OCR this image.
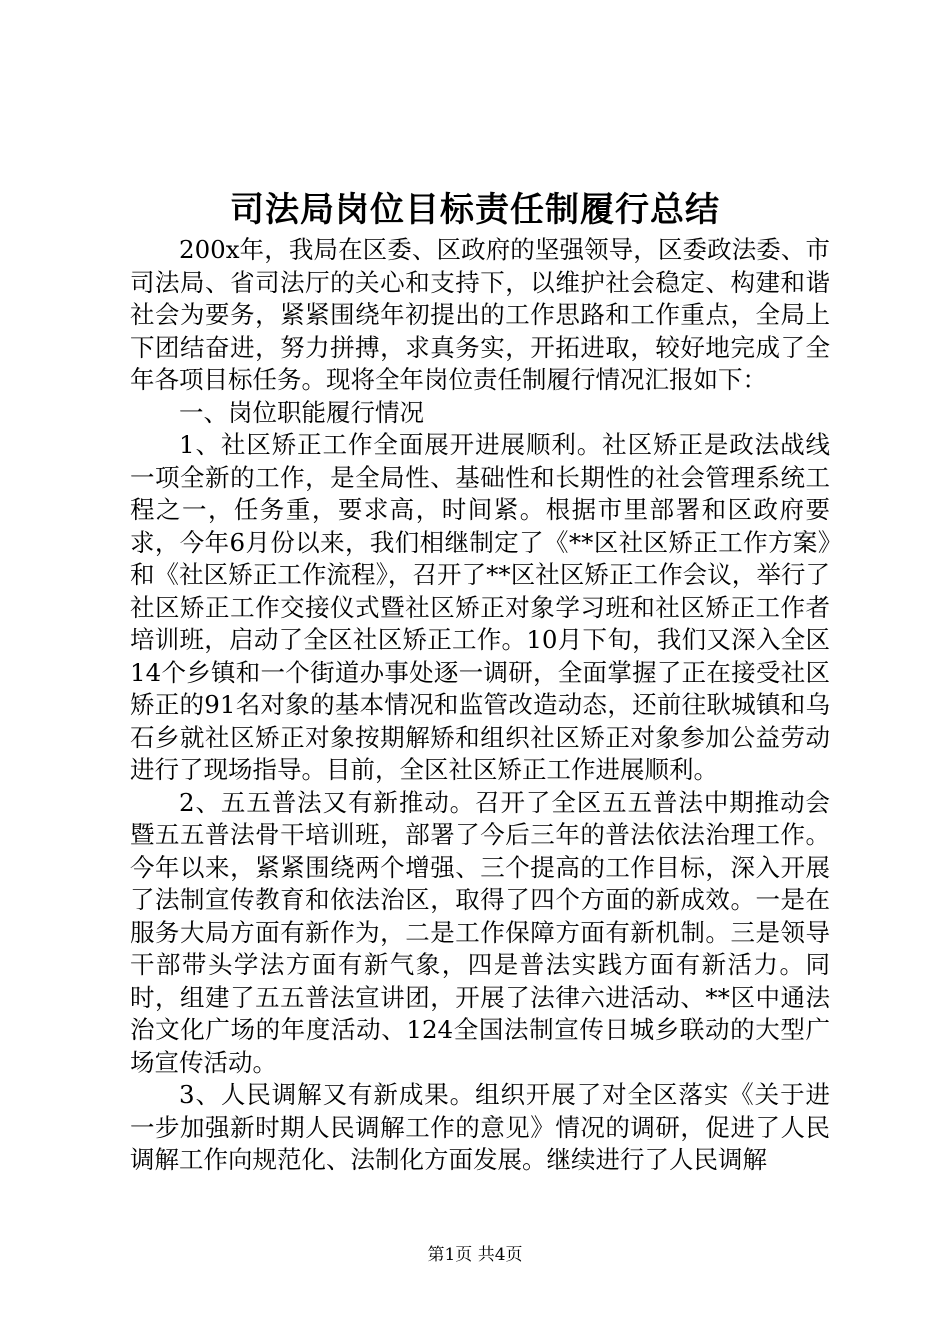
司法局岗位目标责任制履行总结

200x年，我局在区委、区政府的坚强领导，区委政法委、市司法局、省司法厅的关心和支持下，以维护社会稳定、构建和谐社会为要务，紧紧围绕年初提出的工作思路和工作重点，全局上下团结奋进，努力拼搏，求真务实，开拓进取，较好地完成了全年各项目标任务。现将全年岗位责任制履行情况汇报如下：

一、岗位职能履行情况

1、社区矫正工作全面展开进展顺利。社区矫正是政法战线一项全新的工作，是全局性、基础性和长期性的社会管理系统工程之一，任务重，要求高，时间紧。根据市里部署和区政府要求，今年6月份以来，我们相继制定了《**区社区矫正工作方案》和《社区矫正工作流程》，召开了**区社区矫正工作会议，举行了社区矫正工作交接仪式暨社区矫正对象学习班和社区矫正工作者培训班，启动了全区社区矫正工作。10月下旬，我们又深入全区14个乡镇和一个街道办事处逐一调研，全面掌握了正在接受社区矫正的91名对象的基本情况和监管改造动态，还前往耿城镇和乌石乡就社区矫正对象按期解矫和组织社区矫正对象参加公益劳动进行了现场指导。目前，全区社区矫正工作进展顺利。

2、五五普法又有新推动。召开了全区五五普法中期推动会暨五五普法骨干培训班，部署了今后三年的普法依法治理工作。今年以来，紧紧围绕两个增强、三个提高的工作目标，深入开展了法制宣传教育和依法治区，取得了四个方面的新成效。一是在服务大局方面有新作为，二是工作保障方面有新机制。三是领导干部带头学法方面有新气象，四是普法实践方面有新活力。同时，组建了五五普法宣讲团，开展了法律六进活动、**区中通法治文化广场的年度活动、124全国法制宣传日城乡联动的大型广场宣传活动。

3、人民调解又有新成果。组织开展了对全区落实《关于进一步加强新时期人民调解工作的意见》情况的调研，促进了人民调解工作向规范化、法制化方面发展。继续进行了人民调解

第1页 共4页
